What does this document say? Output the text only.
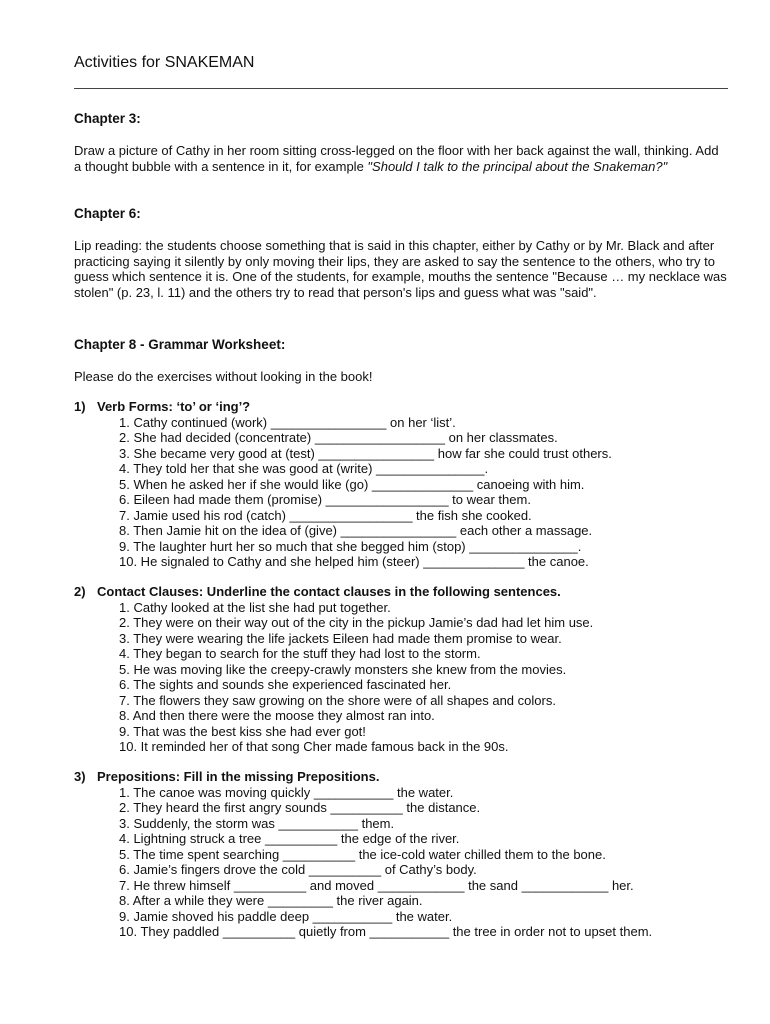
Activities for SNAKEMAN
Chapter 3:

Draw a picture of Cathy in her room sitting cross-legged on the floor with her back against the wall, thinking. Add a thought bubble with a sentence in it, for example "Should I talk to the principal about the Snakeman?"

Chapter 6:

Lip reading: the students choose something that is said in this chapter, either by Cathy or by Mr. Black and after practicing saying it silently by only moving their lips, they are asked to say the sentence to the others, who try to guess which sentence it is. One of the students, for example, mouths the sentence "Because … my necklace was stolen" (p. 23, l. 11) and the others try to read that person's lips and guess what was "said".

Chapter 8 - Grammar Worksheet:

Please do the exercises without looking in the book!

1) Verb Forms: ‘to’ or ‘ing’?
1. Cathy continued (work) ________________ on her ‘list’.
2. She had decided (concentrate) __________________ on her classmates.
3. She became very good at (test) ________________ how far she could trust others.
4. They told her that she was good at (write) _______________.
5. When he asked her if she would like (go) ______________ canoeing with him.
6. Eileen had made them (promise) _________________ to wear them.
7. Jamie used his rod (catch) _________________ the fish she cooked.
8. Then Jamie hit on the idea of (give) ________________ each other a massage.
9. The laughter hurt her so much that she begged him (stop) _______________.
10. He signaled to Cathy and she helped him (steer) ______________ the canoe.
2) Contact Clauses: Underline the contact clauses in the following sentences.
1. Cathy looked at the list she had put together.
2. They were on their way out of the city in the pickup Jamie’s dad had let him use.
3. They were wearing the life jackets Eileen had made them promise to wear.
4. They began to search for the stuff they had lost to the storm.
5. He was moving like the creepy-crawly monsters she knew from the movies.
6. The sights and sounds she experienced fascinated her.
7. The flowers they saw growing on the shore were of all shapes and colors.
8. And then there were the moose they almost ran into.
9. That was the best kiss she had ever got!
10. It reminded her of that song Cher made famous back in the 90s.
3) Prepositions: Fill in the missing Prepositions.
1. The canoe was moving quickly ___________ the water.
2. They heard the first angry sounds __________ the distance.
3. Suddenly, the storm was ___________ them.
4. Lightning struck a tree __________ the edge of the river.
5. The time spent searching __________ the ice-cold water chilled them to the bone.
6. Jamie’s fingers drove the cold __________ of Cathy’s body.
7. He threw himself __________ and moved ____________ the sand ____________ her.
8. After a while they were _________ the river again.
9. Jamie shoved his paddle deep ___________ the water.
10. They paddled __________ quietly from ___________ the tree in order not to upset them.
